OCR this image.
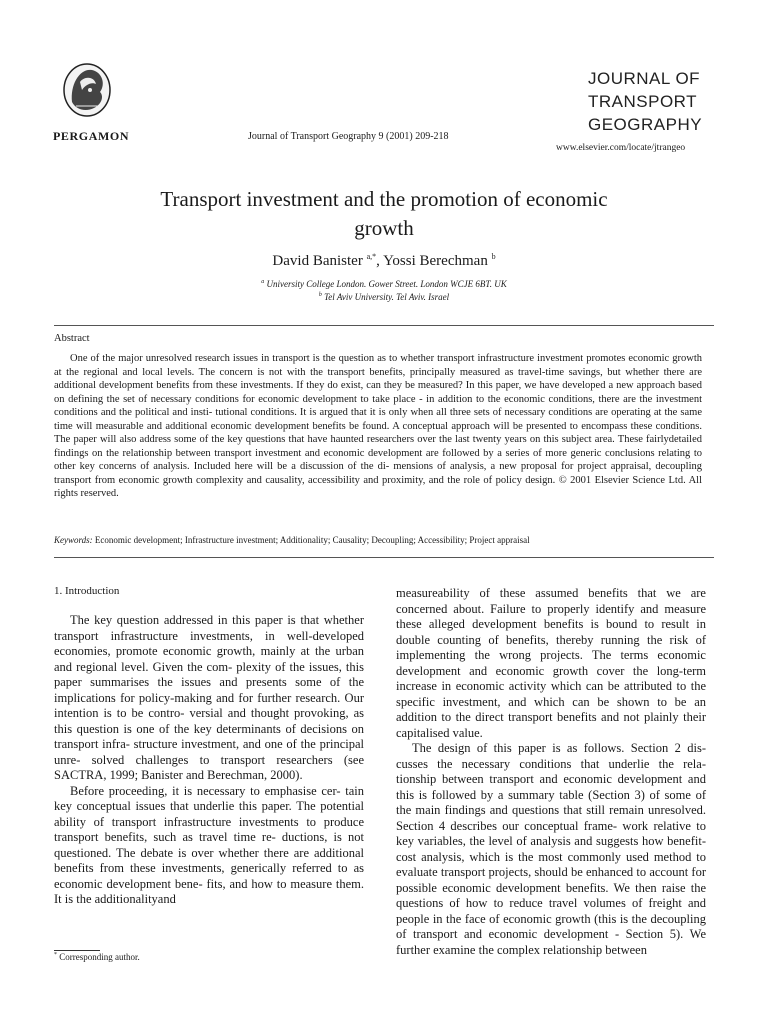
PERGAMON	Journal of Transport Geography 9 (2001) 209-218
JOURNAL OF
TRANSPORT
GEOGRAPHY
www.elsevier.com/locate/jtrangeo
Transport investment and the promotion of economic
growth
David Banister $^{a,*}$, Yossi Berechman $^b$
$^a$ University College London. Gower Street. London WCJE 6BT. UK
$^b$ Tel Aviv University. Tel Aviv. Israel
Abstract

One of the major unresolved research issues in transport is the question as to whether transport infrastructure investment promotes economic growth at the regional and local levels. The concern is not with the transport benefits, principally measured as travel-time savings, but whether there are additional development benefits from these investments. If they do exist, can they be measured? In this paper, we have developed a new approach based on defining the set of necessary conditions for economic development to take place - in addition to the economic conditions, there are the investment conditions and the political and insti- tutional conditions. It is argued that it is only when all three sets of necessary conditions are operating at the same time will measurable and additional economic development benefits be found. A conceptual approach will be presented to encompass these conditions. The paper will also address some of the key questions that have haunted researchers over the last twenty years on this subject area. These fairlydetailed findings on the relationship between transport investment and economic development are followed by a series of more generic conclusions relating to other key concerns of analysis. Included here will be a discussion of the di- mensions of analysis, a new proposal for project appraisal, decoupling transport from economic growth complexity and causality, accessibility and proximity, and the role of policy design. © 2001 Elsevier Science Ltd. All rights reserved.

Keywords: Economic development; Infrastructure investment; Additionality; Causality; Decoupling; Accessibility; Project appraisal
1. Introduction

The key question addressed in this paper is that whether transport infrastructure investments, in well-developed economies, promote economic growth, mainly at the urban and regional level. Given the com- plexity of the issues, this paper summarises the issues and presents some of the implications for policy-making and for further research. Our intention is to be contro- versial and thought provoking, as this question is one of the key determinants of decisions on transport infra- structure investment, and one of the principal unre- solved challenges to transport researchers (see SACTRA, 1999; Banister and Berechman, 2000).

Before proceeding, it is necessary to emphasise cer- tain key conceptual issues that underlie this paper. The potential ability of transport infrastructure investments to produce transport benefits, such as travel time re- ductions, is not questioned. The debate is over whether there are additional benefits from these investments, generically referred to as economic development bene- fits, and how to measure them. It is the additionalityand

measureability of these assumed benefits that we are concerned about. Failure to properly identify and measure these alleged development benefits is bound to result in double counting of benefits, thereby running the risk of implementing the wrong projects. The terms economic development and economic growth cover the long-term increase in economic activity which can be attributed to the specific investment, and which can be shown to be an addition to the direct transport benefits and not plainly their capitalised value.

The design of this paper is as follows. Section 2 dis- cusses the necessary conditions that underlie the rela- tionship between transport and economic development and this is followed by a summary table (Section 3) of some of the main findings and questions that still remain unresolved. Section 4 describes our conceptual frame- work relative to key variables, the level of analysis and suggests how benefit-cost analysis, which is the most commonly used method to evaluate transport projects, should be enhanced to account for possible economic development benefits. We then raise the questions of how to reduce travel volumes of freight and people in the face of economic growth (this is the decoupling of transport and economic development - Section 5). We further examine the complex relationship between

* Corresponding author.
